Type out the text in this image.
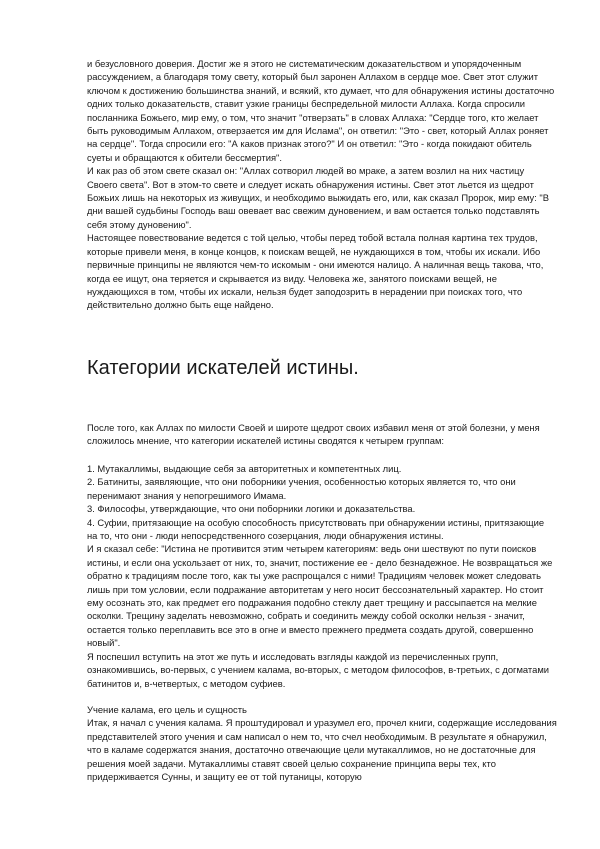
и безусловного доверия. Достиг же я этого не систематическим доказательством и упорядоченным рассуждением, а благодаря тому свету, который был заронен Аллахом в сердце мое. Свет этот служит ключом к достижению большинства знаний, и всякий, кто думает, что для обнаружения истины достаточно одних только доказательств, ставит узкие границы беспредельной милости Аллаха. Когда спросили посланника Божьего, мир ему, о том, что значит "отверзать" в словах Аллаха: "Сердце того, кто желает быть руководимым Аллахом, отверзается им для Ислама", он ответил: "Это - свет, который Аллах роняет на сердце". Тогда спросили его: "А каков признак этого?" И он ответил: "Это - когда покидают обитель суеты и обращаются к обители бессмертия".

И как раз об этом свете сказал он: "Аллах сотворил людей во мраке, а затем возлил на них частицу Своего света". Вот в этом-то свете и следует искать обнаружения истины. Свет этот льется из щедрот Божьих лишь на некоторых из живущих, и необходимо выжидать его, или, как сказал Пророк, мир ему: "В дни вашей судьбины Господь ваш овевает вас свежим дуновением, и вам остается только подставлять себя этому дуновению".

Настоящее повествование ведется с той целью, чтобы перед тобой встала полная картина тех трудов, которые привели меня, в конце концов, к поискам вещей, не нуждающихся в том, чтобы их искали. Ибо первичные принципы не являются чем-то искомым - они имеются налицо. А наличная вещь такова, что, когда ее ищут, она теряется и скрывается из виду. Человека же, занятого поисками вещей, не нуждающихся в том, чтобы их искали, нельзя будет заподозрить в нерадении при поисках того, что действительно должно быть еще найдено.

Категории искателей истины.

После того, как Аллах по милости Своей и широте щедрот своих избавил меня от этой болезни, у меня сложилось мнение, что категории искателей истины сводятся к четырем группам:

1. Мутакаллимы, выдающие себя за авторитетных и компетентных лиц.

2. Батиниты, заявляющие, что они поборники учения, особенностью которых является то, что они перенимают знания у непогрешимого Имама.

3. Философы, утверждающие, что они поборники логики и доказательства.

4. Суфии, притязающие на особую способность присутствовать при обнаружении истины, притязающие на то, что они - люди непосредственного созерцания, люди обнаружения истины.

И я сказал себе: "Истина не противится этим четырем категориям: ведь они шествуют по пути поисков истины, и если она ускользает от них, то, значит, постижение ее - дело безнадежное. Не возвращаться же обратно к традициям после того, как ты уже распрощался с ними! Традициям человек может следовать лишь при том условии, если подражание авторитетам у него носит бессознательный характер. Но стоит ему осознать это, как предмет его подражания подобно стеклу дает трещину и рассыпается на мелкие осколки. Трещину заделать невозможно, собрать и соединить между собой осколки нельзя - значит, остается только переплавить все это в огне и вместо прежнего предмета создать другой, совершенно новый".

Я поспешил вступить на этот же путь и исследовать взгляды каждой из перечисленных групп, ознакомившись, во-первых, с учением калама, во-вторых, с методом философов, в-третьих, с догматами батинитов и, в-четвертых, с методом суфиев.

Учение калама, его цель и сущность

Итак, я начал с учения калама. Я проштудировал и уразумел его, прочел книги, содержащие исследования представителей этого учения и сам написал о нем то, что счел необходимым. В результате я обнаружил, что в каламе содержатся знания, достаточно отвечающие цели мутакаллимов, но не достаточные для решения моей задачи. Мутакаллимы ставят своей целью сохранение принципа веры тех, кто придерживается Сунны, и защиту ее от той путаницы, которую
